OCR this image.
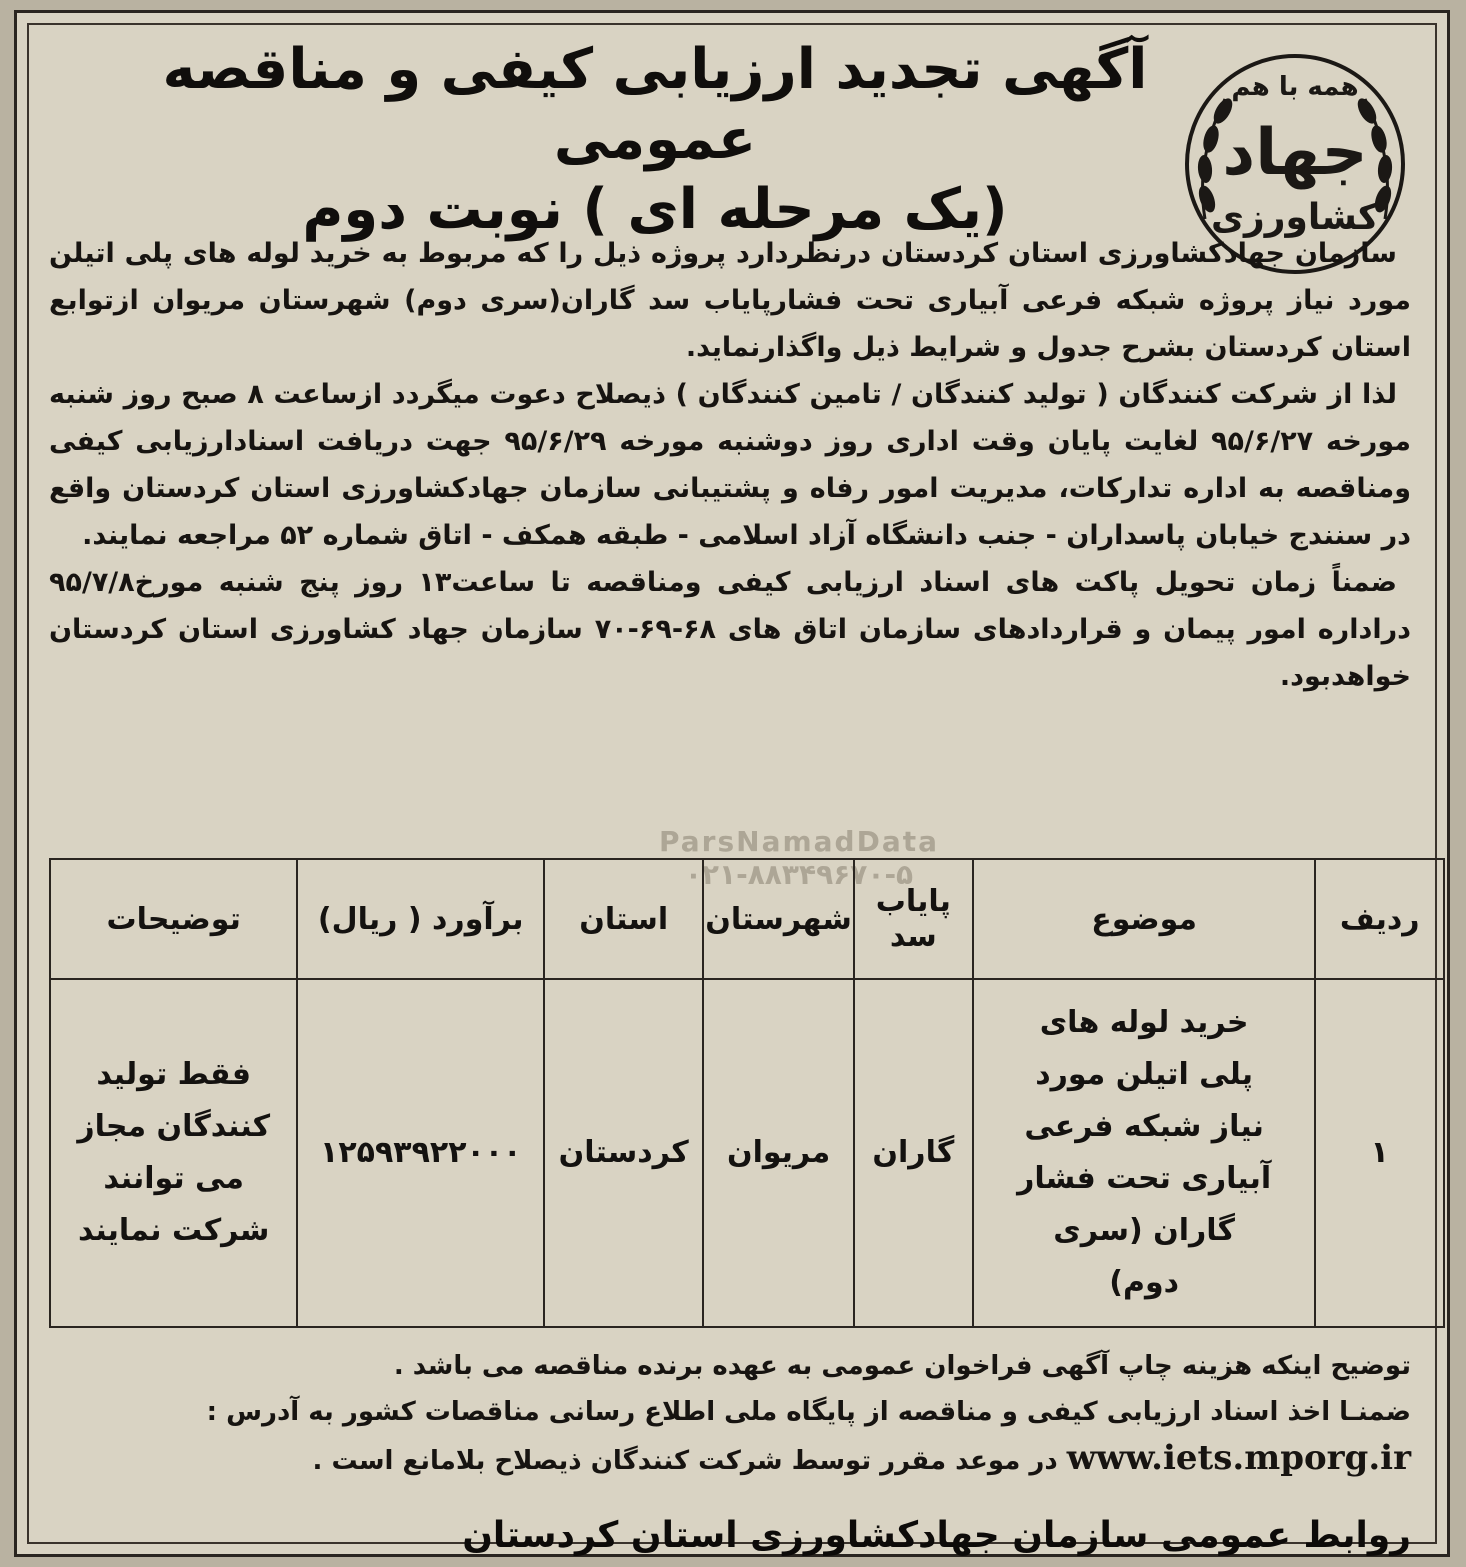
همه با هم
جهاد
کشاورزی
آگهی تجدید ارزیابی کیفی و مناقصه عمومی
(یک مرحله ای ) نوبت دوم

سازمان جهادکشاورزی استان کردستان درنظردارد پروژه ذیل را که مربوط به خرید لوله های پلی اتیلن مورد نیاز پروژه شبکه فرعی آبیاری تحت فشارپایاب سد گاران(سری دوم) شهرستان مریوان ازتوابع استان کردستان بشرح جدول و شرایط ذیل واگذارنماید.

لذا از شرکت کنندگان ( تولید کنندگان / تامین کنندگان ) ذیصلاح دعوت میگردد ازساعت ۸ صبح روز شنبه مورخه ۹۵/۶/۲۷ لغایت پایان وقت اداری روز دوشنبه مورخه ۹۵/۶/۲۹ جهت دریافت اسنادارزیابی کیفی ومناقصه به اداره تدارکات، مدیریت امور رفاه و پشتیبانی سازمان جهادکشاورزی استان کردستان واقع در سنندج خیابان پاسداران - جنب دانشگاه آزاد اسلامی - طبقه همکف - اتاق شماره ۵۲ مراجعه نمایند.

ضمناً زمان تحویل پاکت های اسناد ارزیابی کیفی ومناقصه تا ساعت۱۳ روز پنج شنبه مورخ۹۵/۷/۸ دراداره امور پیمان و قراردادهای سازمان اتاق های ۶۸-۶۹-۷۰ سازمان جهاد کشاورزی استان کردستان خواهدبود.

ParsNamadData
۰۲۱-۸۸۳۴۹۶۷۰-۵
ردیف	موضوع	پایاب سد	شهرستان	استان	برآورد ( ریال)	توضیحات
۱	خرید لوله های پلی اتیلن مورد نیاز شبکه فرعی آبیاری تحت فشار گاران (سری دوم)	گاران	مریوان	کردستان	۱۲۵۹۳۹۲۲۰۰۰	فقط تولید کنندگان مجاز می توانند شرکت نمایند

توضیح اینکه هزینه چاپ آگهی فراخوان عمومی به عهده برنده مناقصه می باشد .

ضمنـا اخذ اسناد ارزیابی کیفی و مناقصه از پایگاه ملی اطلاع رسانی مناقصات کشور به آدرس :

www.iets.mporg.ir در موعد مقرر توسط شرکت کنندگان ذیصلاح بلامانع است .

روابط عمومی سازمان جهادکشاورزی استان کردستان
